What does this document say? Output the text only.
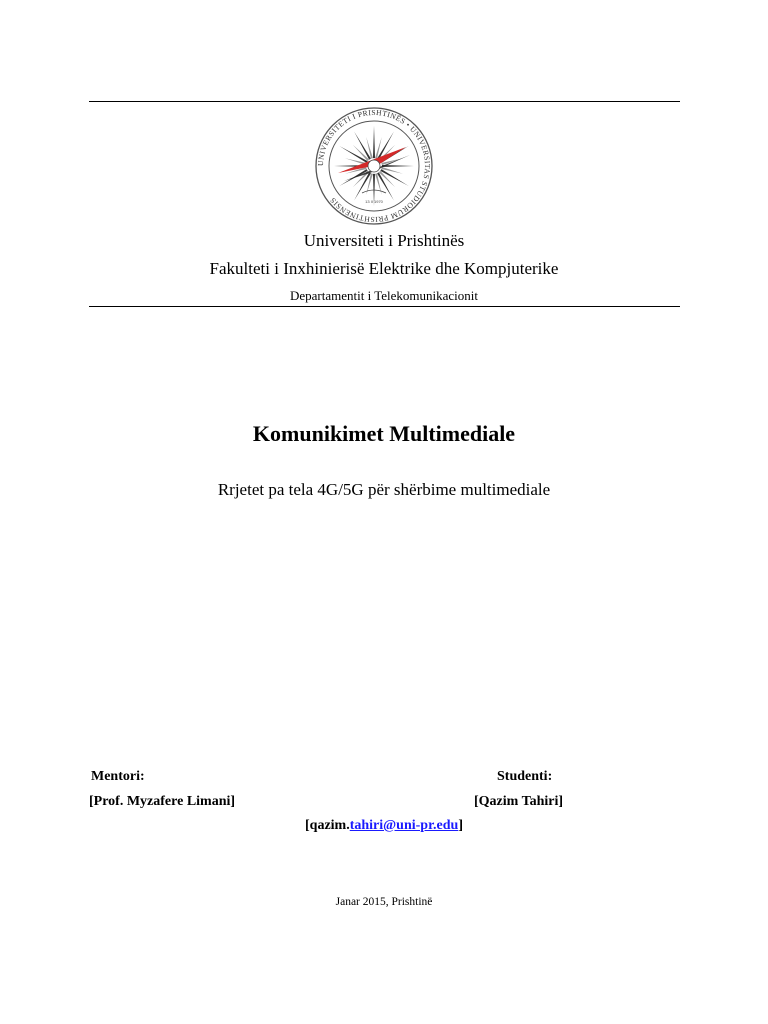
UNIVERSITETI I PRISHTINËS • UNIVERSITAS STUDIORUM PRISHTINENSIS	13 II 1970
Universiteti i Prishtinës
Fakulteti i Inxhinierisë Elektrike dhe Kompjuterike
Departamentit i Telekomunikacionit
Komunikimet Multimediale
Rrjetet pa tela 4G/5G për shërbime multimediale
Mentori:
[Prof. Myzafere Limani]
Studenti:
[Qazim Tahiri]
[qazim.tahiri@uni-pr.edu]
Janar 2015, Prishtinë
